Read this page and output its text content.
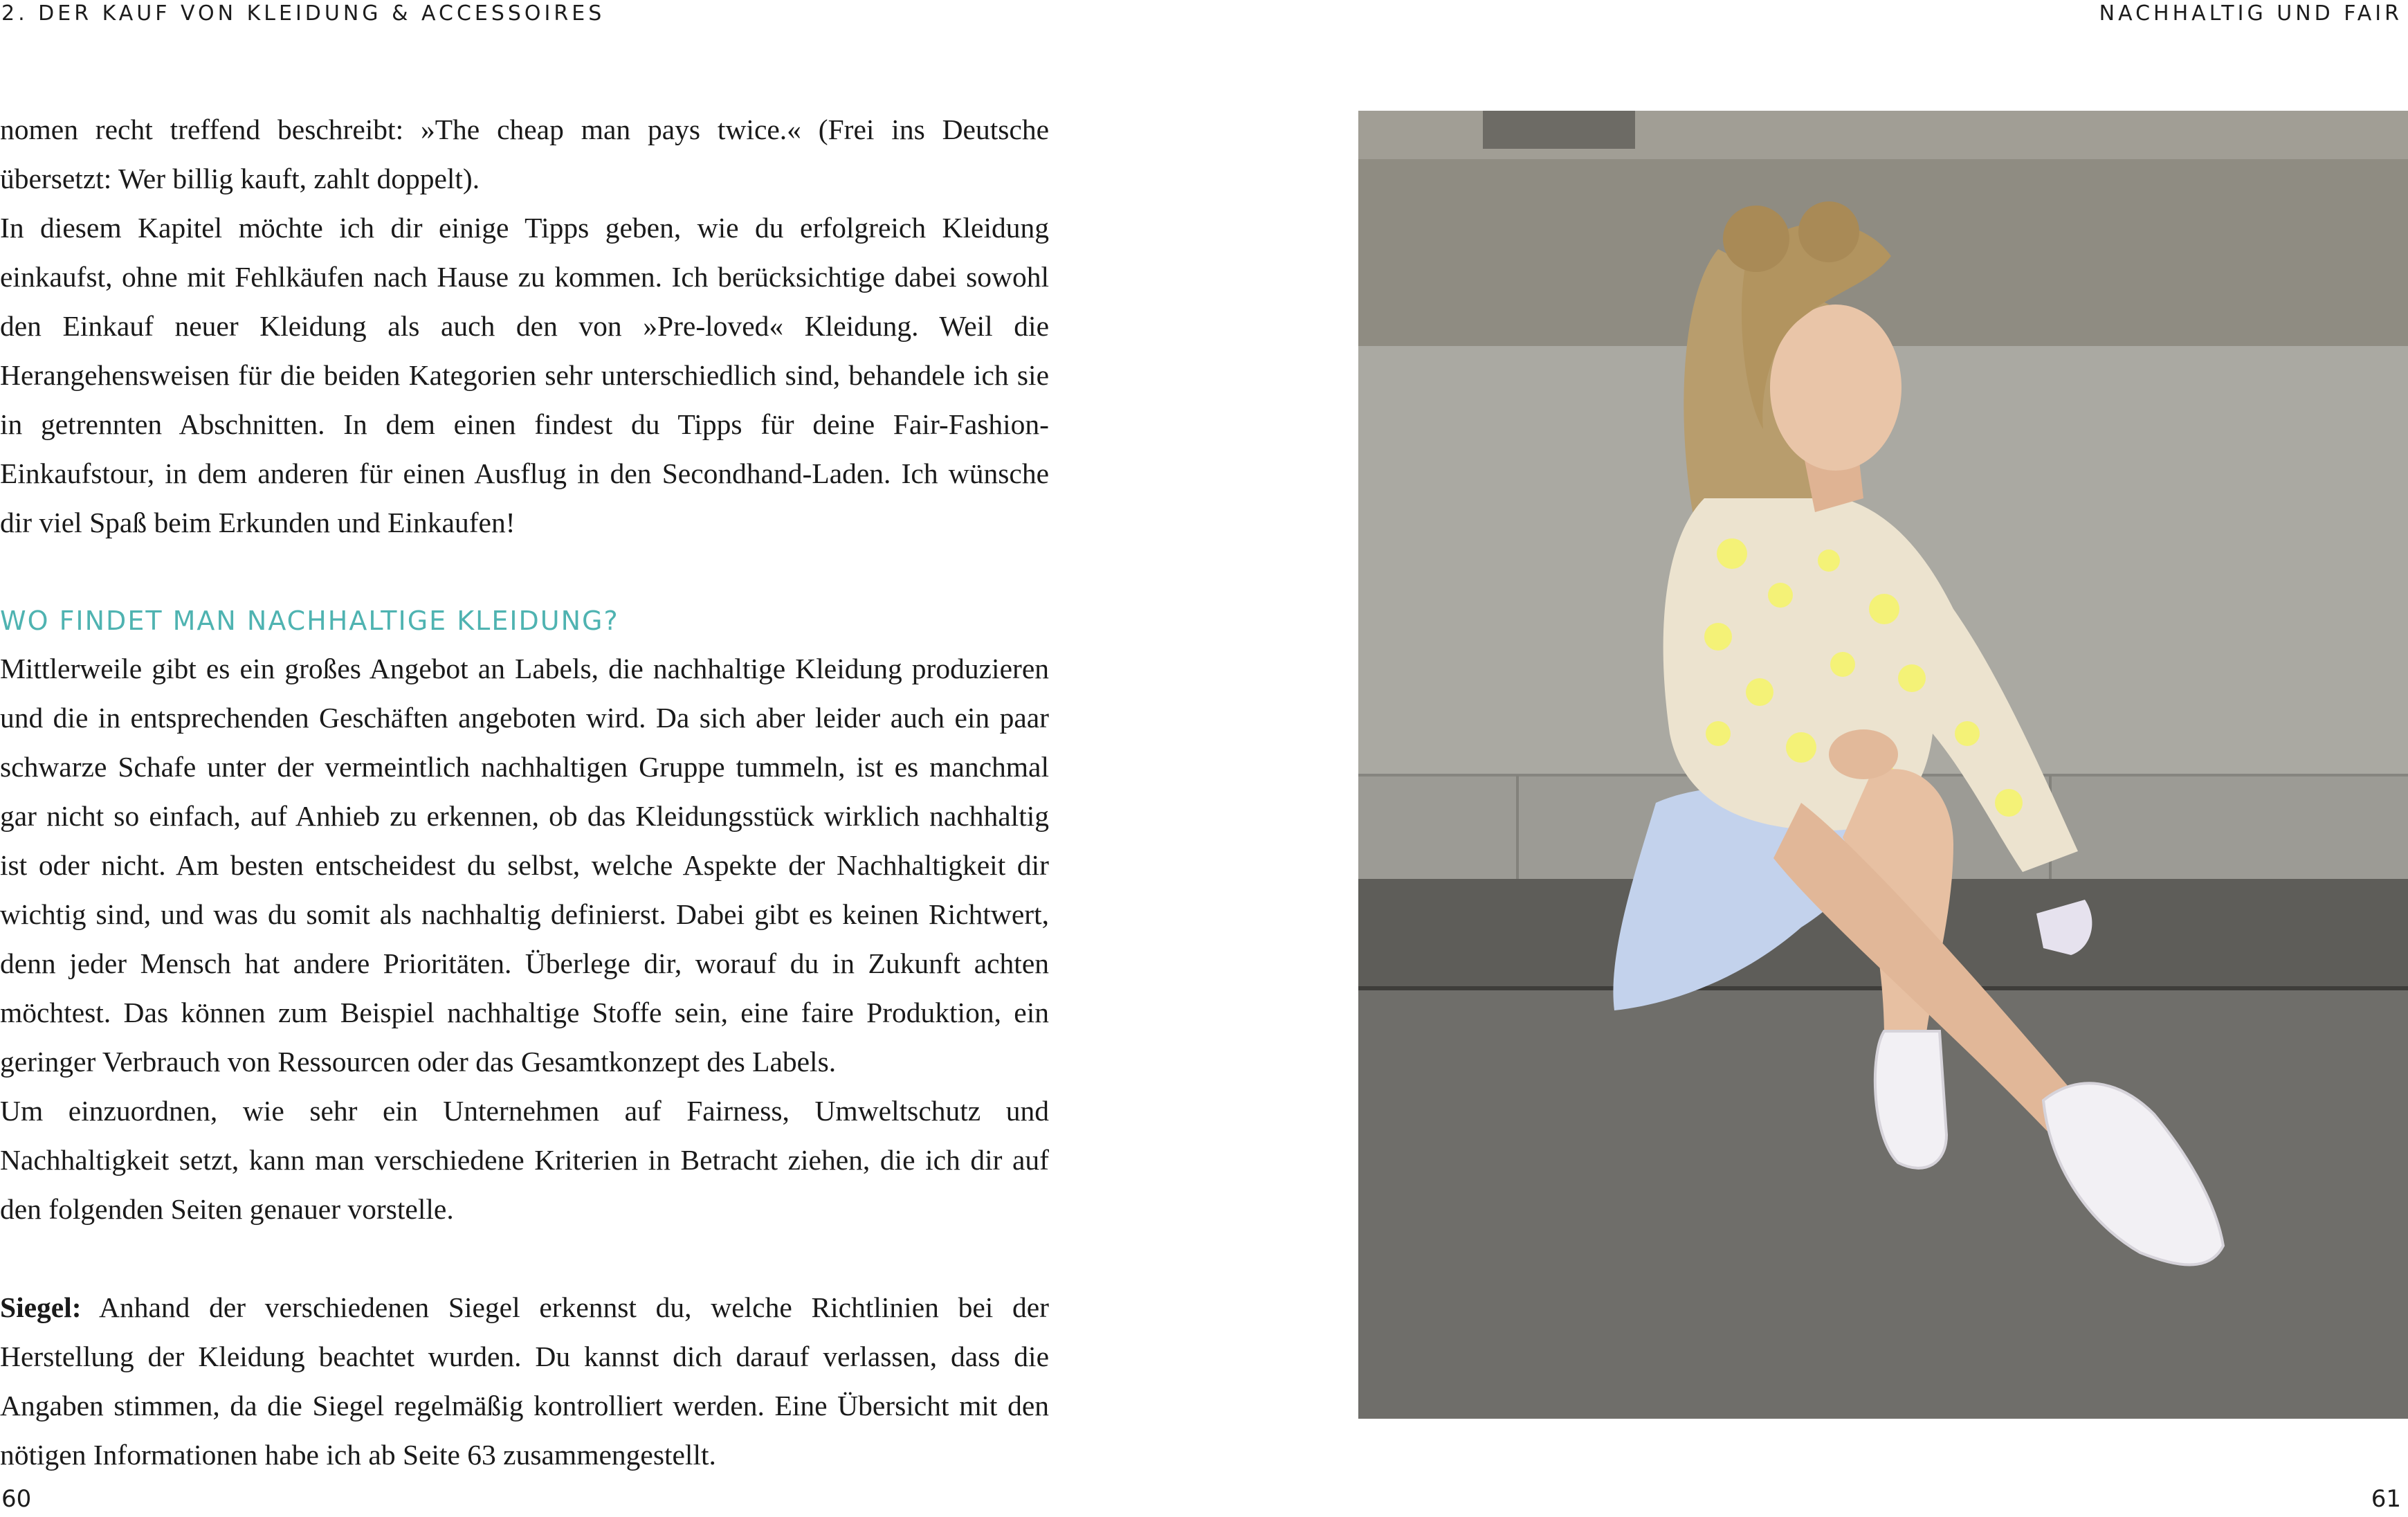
2. DER KAUF VON KLEIDUNG & ACCESSOIRES	NACHHALTIG UND FAIR

nomen recht treffend beschreibt: »The cheap man pays twice.« (Frei ins Deutsche übersetzt: Wer billig kauft, zahlt doppelt).

In diesem Kapitel möchte ich dir einige Tipps geben, wie du erfolgreich Kleidung einkaufst, ohne mit Fehlkäufen nach Hause zu kommen. Ich berücksichtige dabei sowohl den Einkauf neuer Kleidung als auch den von »Pre-loved« Kleidung. Weil die Herangehensweisen für die beiden Kategorien sehr unterschiedlich sind, behandele ich sie in getrennten Abschnitten. In dem einen findest du Tipps für deine Fair-Fashion-Einkaufstour, in dem anderen für einen Ausflug in den Secondhand-Laden. Ich wünsche dir viel Spaß beim Erkunden und Einkaufen!

WO FINDET MAN NACHHALTIGE KLEIDUNG?

Mittlerweile gibt es ein großes Angebot an Labels, die nachhaltige Kleidung produzieren und die in entsprechenden Geschäften angeboten wird. Da sich aber leider auch ein paar schwarze Schafe unter der vermeintlich nachhaltigen Gruppe tummeln, ist es manchmal gar nicht so einfach, auf Anhieb zu erkennen, ob das Kleidungsstück wirklich nachhaltig ist oder nicht. Am besten entscheidest du selbst, welche Aspekte der Nachhaltigkeit dir wichtig sind, und was du somit als nachhaltig definierst. Dabei gibt es keinen Richtwert, denn jeder Mensch hat andere Prioritäten. Überlege dir, worauf du in Zukunft achten möchtest. Das können zum Beispiel nachhaltige Stoffe sein, eine faire Produktion, ein geringer Verbrauch von Ressourcen oder das Gesamtkonzept des Labels.

Um einzuordnen, wie sehr ein Unternehmen auf Fairness, Umweltschutz und Nachhaltigkeit setzt, kann man verschiedene Kriterien in Betracht ziehen, die ich dir auf den folgenden Seiten genauer vorstelle.

Siegel: Anhand der verschiedenen Siegel erkennst du, welche Richtlinien bei der Herstellung der Kleidung beachtet wurden. Du kannst dich darauf verlassen, dass die Angaben stimmen, da die Siegel regelmäßig kontrolliert werden. Eine Übersicht mit den nötigen Informationen habe ich ab Seite 63 zusammengestellt.

60	61
